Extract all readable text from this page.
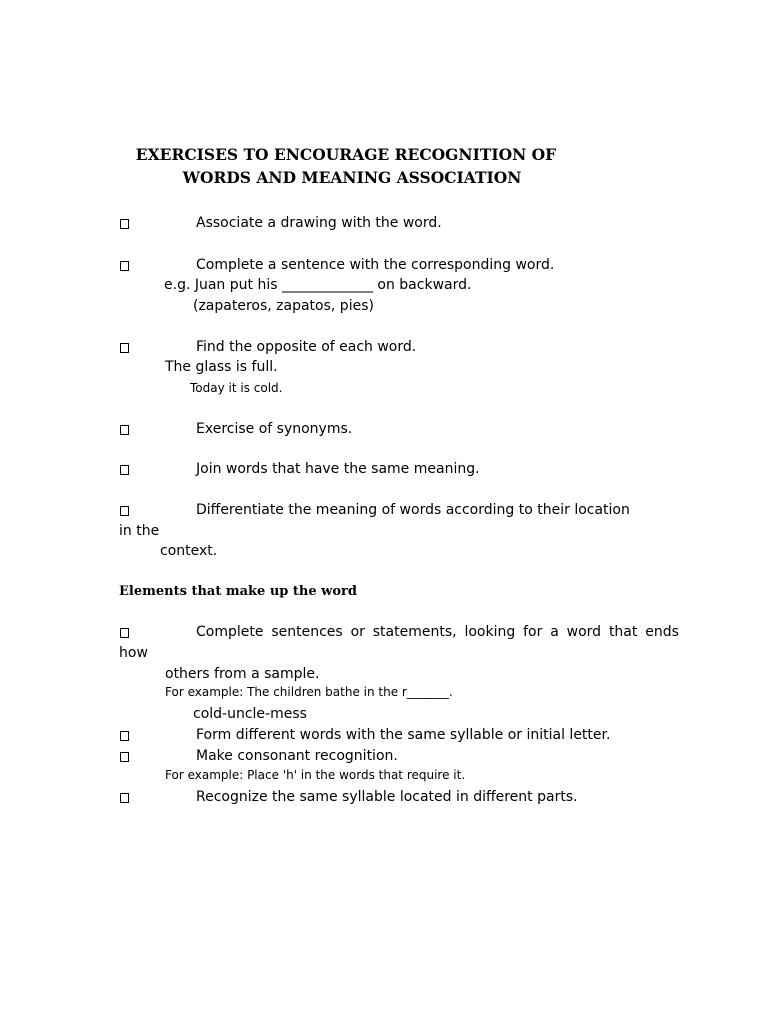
EXERCISES TO ENCOURAGE RECOGNITION OF
WORDS AND MEANING ASSOCIATION
Associate a drawing with the word.
Complete a sentence with the corresponding word.
e.g. Juan put his _____________ on backward.
(zapateros, zapatos, pies)
Find the opposite of each word.
The glass is full.
Today it is cold.
Exercise of synonyms.
Join words that have the same meaning.
Differentiate the meaning of words according to their location
in the
context.
Elements that make up the word
Complete sentences or statements, looking for a word that ends
how
others from a sample.
For example: The children bathe in the r_______.
cold-uncle-mess
Form different words with the same syllable or initial letter.
Make consonant recognition.
For example: Place 'h' in the words that require it.
Recognize the same syllable located in different parts.
